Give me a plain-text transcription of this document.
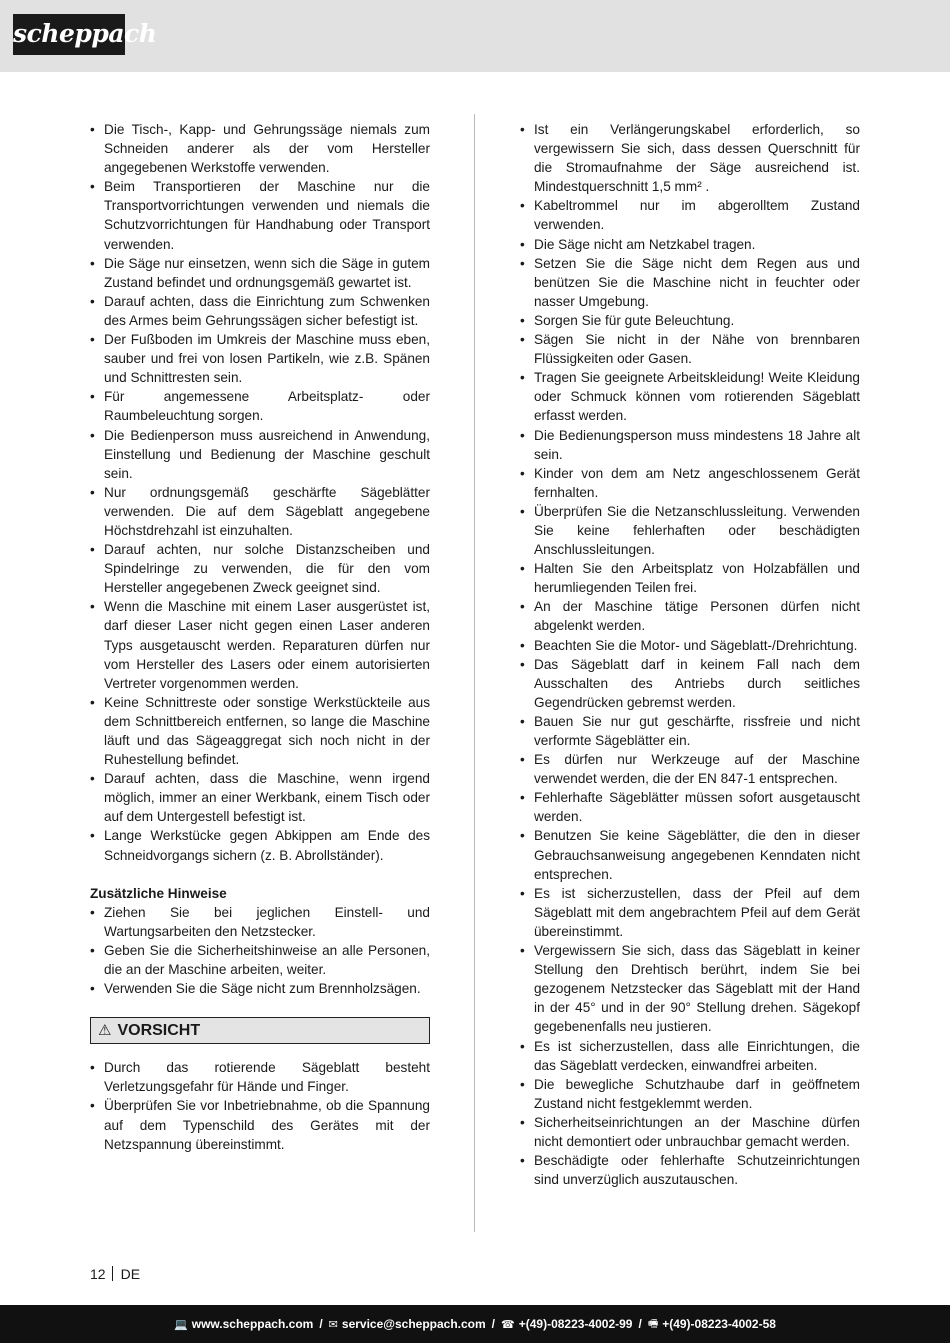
scheppach
• Die Tisch-, Kapp- und Gehrungssäge niemals zum Schneiden anderer als der vom Hersteller angegebenen Werkstoffe verwenden.
• Beim Transportieren der Maschine nur die Transportvorrichtungen verwenden und niemals die Schutzvorrichtungen für Handhabung oder Transport verwenden.
• Die Säge nur einsetzen, wenn sich die Säge in gutem Zustand befindet und ordnungsgemäß gewartet ist.
• Darauf achten, dass die Einrichtung zum Schwenken des Armes beim Gehrungssägen sicher befestigt ist.
• Der Fußboden im Umkreis der Maschine muss eben, sauber und frei von losen Partikeln, wie z.B. Spänen und Schnittresten sein.
• Für angemessene Arbeitsplatz- oder Raumbeleuchtung sorgen.
• Die Bedienperson muss ausreichend in Anwendung, Einstellung und Bedienung der Maschine geschult sein.
• Nur ordnungsgemäß geschärfte Sägeblätter verwenden. Die auf dem Sägeblatt angegebene Höchstdrehzahl ist einzuhalten.
• Darauf achten, nur solche Distanzscheiben und Spindelringe zu verwenden, die für den vom Hersteller angegebenen Zweck geeignet sind.
• Wenn die Maschine mit einem Laser ausgerüstet ist, darf dieser Laser nicht gegen einen Laser anderen Typs ausgetauscht werden. Reparaturen dürfen nur vom Hersteller des Lasers oder einem autorisierten Vertreter vorgenommen werden.
• Keine Schnittreste oder sonstige Werkstückteile aus dem Schnittbereich entfernen, so lange die Maschine läuft und das Sägeaggregat sich noch nicht in der Ruhestellung befindet.
• Darauf achten, dass die Maschine, wenn irgend möglich, immer an einer Werkbank, einem Tisch oder auf dem Untergestell befestigt ist.
• Lange Werkstücke gegen Abkippen am Ende des Schneidvorgangs sichern (z. B. Abrollständer).
Zusätzliche Hinweise
• Ziehen Sie bei jeglichen Einstell- und Wartungsarbeiten den Netzstecker.
• Geben Sie die Sicherheitshinweise an alle Personen, die an der Maschine arbeiten, weiter.
• Verwenden Sie die Säge nicht zum Brennholzsägen.
⚠ VORSICHT
• Durch das rotierende Sägeblatt besteht Verletzungsgefahr für Hände und Finger.
• Überprüfen Sie vor Inbetriebnahme, ob die Spannung auf dem Typenschild des Gerätes mit der Netzspannung übereinstimmt.
• Ist ein Verlängerungskabel erforderlich, so vergewissern Sie sich, dass dessen Querschnitt für die Stromaufnahme der Säge ausreichend ist. Mindestquerschnitt 1,5 mm² .
• Kabeltrommel nur im abgerolltem Zustand verwenden.
• Die Säge nicht am Netzkabel tragen.
• Setzen Sie die Säge nicht dem Regen aus und benützen Sie die Maschine nicht in feuchter oder nasser Umgebung.
• Sorgen Sie für gute Beleuchtung.
• Sägen Sie nicht in der Nähe von brennbaren Flüssigkeiten oder Gasen.
• Tragen Sie geeignete Arbeitskleidung! Weite Kleidung oder Schmuck können vom rotierenden Sägeblatt erfasst werden.
• Die Bedienungsperson muss mindestens 18 Jahre alt sein.
• Kinder von dem am Netz angeschlossenem Gerät fernhalten.
• Überprüfen Sie die Netzanschlussleitung. Verwenden Sie keine fehlerhaften oder beschädigten Anschlussleitungen.
• Halten Sie den Arbeitsplatz von Holzabfällen und herumliegenden Teilen frei.
• An der Maschine tätige Personen dürfen nicht abgelenkt werden.
• Beachten Sie die Motor- und Sägeblatt-/Drehrichtung.
• Das Sägeblatt darf in keinem Fall nach dem Ausschalten des Antriebs durch seitliches Gegendrücken gebremst werden.
• Bauen Sie nur gut geschärfte, rissfreie und nicht verformte Sägeblätter ein.
• Es dürfen nur Werkzeuge auf der Maschine verwendet werden, die der EN 847-1 entsprechen.
• Fehlerhafte Sägeblätter müssen sofort ausgetauscht werden.
• Benutzen Sie keine Sägeblätter, die den in dieser Gebrauchsanweisung angegebenen Kenndaten nicht entsprechen.
• Es ist sicherzustellen, dass der Pfeil auf dem Sägeblatt mit dem angebrachtem Pfeil auf dem Gerät übereinstimmt.
• Vergewissern Sie sich, dass das Sägeblatt in keiner Stellung den Drehtisch berührt, indem Sie bei gezogenem Netzstecker das Sägeblatt mit der Hand in der 45° und in der 90° Stellung drehen. Sägekopf gegebenenfalls neu justieren.
• Es ist sicherzustellen, dass alle Einrichtungen, die das Sägeblatt verdecken, einwandfrei arbeiten.
• Die bewegliche Schutzhaube darf in geöffnetem Zustand nicht festgeklemmt werden.
• Sicherheitseinrichtungen an der Maschine dürfen nicht demontiert oder unbrauchbar gemacht werden.
• Beschädigte oder fehlerhafte Schutzeinrichtungen sind unverzüglich auszutauschen.
12 DE
💻 www.scheppach.com / ✉ service@scheppach.com / ☎ +(49)-08223-4002-99 / 🖷 +(49)-08223-4002-58
